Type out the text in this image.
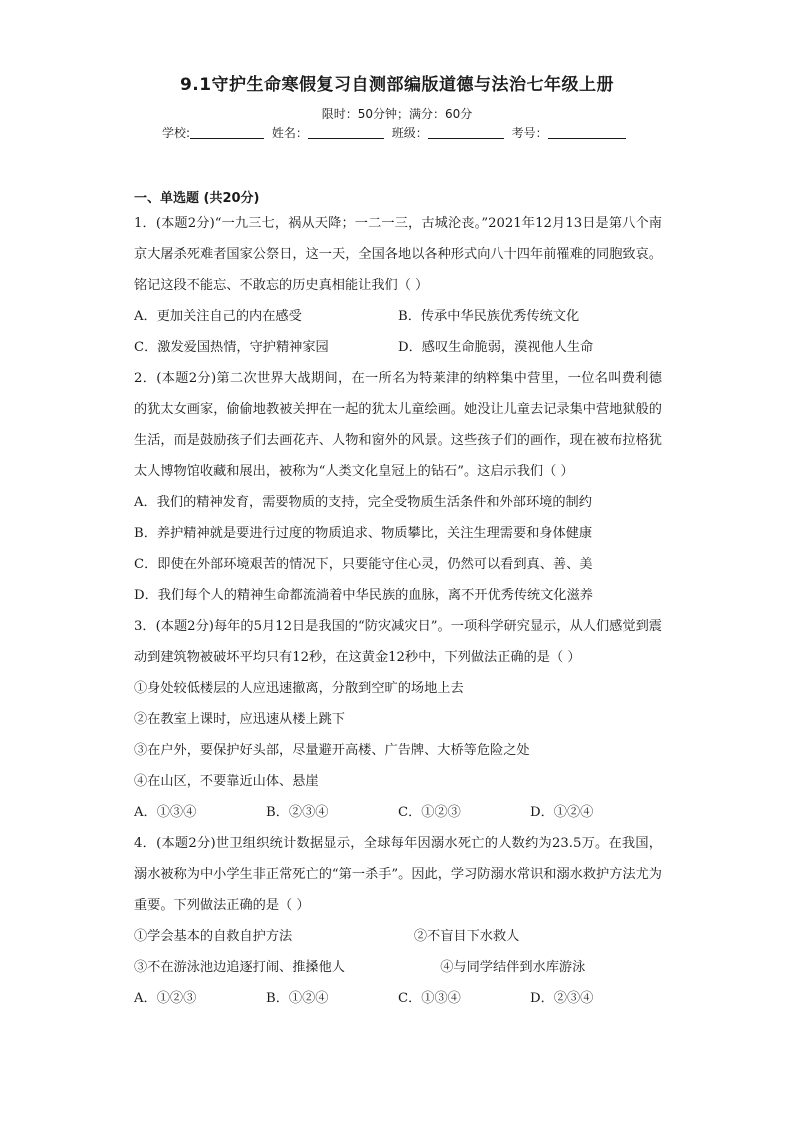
9.1守护生命寒假复习自测部编版道德与法治七年级上册
限时：50分钟；满分：60分
学校:	姓名：	班级：	考号：
一、单选题 (共20分)

1．(本题2分)“一九三七，祸从天降；一二一三，古城沦丧。”2021年12月13日是第八个南京大屠杀死难者国家公祭日，这一天，全国各地以各种形式向八十四年前罹难的同胞致哀。铭记这段不能忘、不敢忘的历史真相能让我们（ ）

A．更加关注自己的内在感受	B．传承中华民族优秀传统文化
C．激发爱国热情，守护精神家园	D．感叹生命脆弱，漠视他人生命

2．(本题2分)第二次世界大战期间，在一所名为特莱津的纳粹集中营里，一位名叫费利德的犹太女画家，偷偷地教被关押在一起的犹太儿童绘画。她没让儿童去记录集中营地狱般的生活，而是鼓励孩子们去画花卉、人物和窗外的风景。这些孩子们的画作，现在被布拉格犹太人博物馆收藏和展出，被称为“人类文化皇冠上的钻石”。这启示我们（ ）

A．我们的精神发育，需要物质的支持，完全受物质生活条件和外部环境的制约
B．养护精神就是要进行过度的物质追求、物质攀比，关注生理需要和身体健康
C．即使在外部环境艰苦的情况下，只要能守住心灵，仍然可以看到真、善、美
D．我们每个人的精神生命都流淌着中华民族的血脉，离不开优秀传统文化滋养

3．(本题2分)每年的5月12日是我国的“防灾减灾日”。一项科学研究显示，从人们感觉到震动到建筑物被破坏平均只有12秒，在这黄金12秒中，下列做法正确的是（ ）

①身处较低楼层的人应迅速撤离，分散到空旷的场地上去
②在教室上课时，应迅速从楼上跳下
③在户外，要保护好头部，尽量避开高楼、广告牌、大桥等危险之处
④在山区，不要靠近山体、悬崖
A．①③④	B．②③④	C．①②③	D．①②④

4．(本题2分)世卫组织统计数据显示，全球每年因溺水死亡的人数约为23.5万。在我国，溺水被称为中小学生非正常死亡的“第一杀手”。因此，学习防溺水常识和溺水救护方法尤为重要。下列做法正确的是（ ）

①学会基本的自救自护方法	②不盲目下水救人
③不在游泳池边追逐打闹、推搡他人	④与同学结伴到水库游泳
A．①②③	B．①②④	C．①③④	D．②③④
